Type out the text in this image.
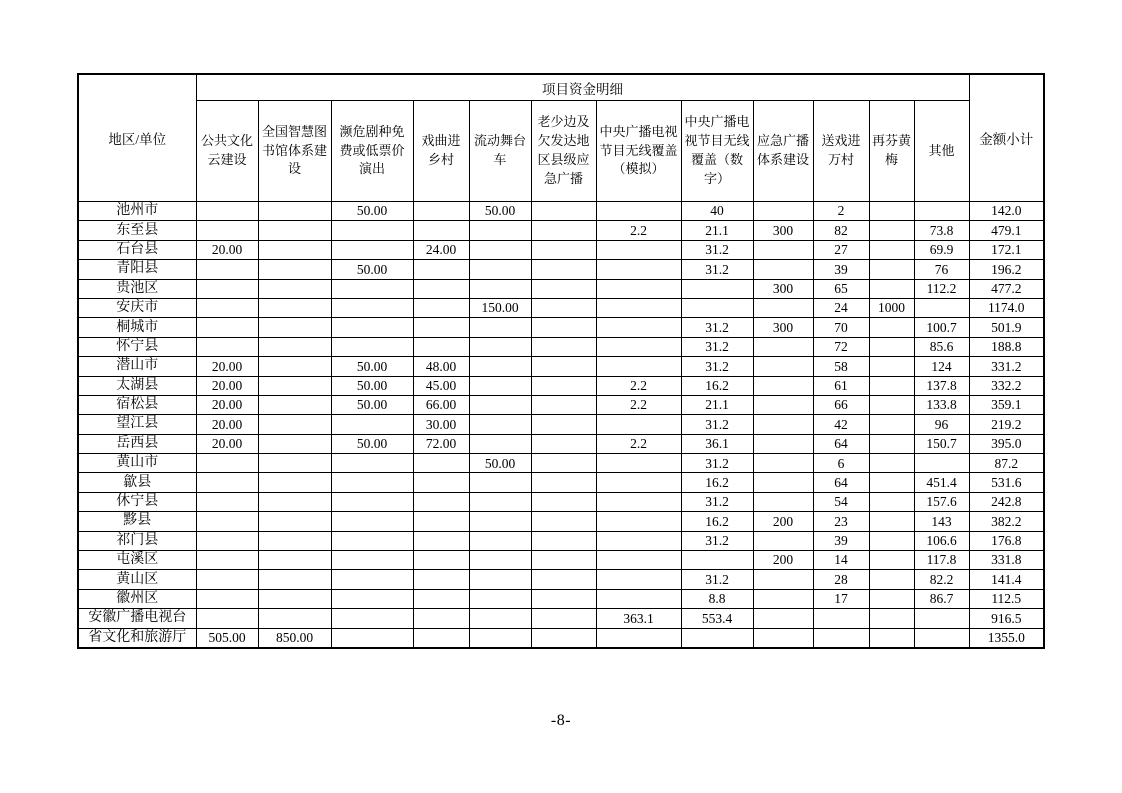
地区/单位	项目资金明细												金额小计
	公共文化云建设	全国智慧图书馆体系建设	濒危剧种免费或低票价演出	戏曲进乡村	流动舞台车	老少边及欠发达地区县级应急广播	中央广播电视节目无线覆盖（模拟）	中央广播电视节目无线覆盖（数字）	应急广播体系建设	送戏进万村	再芬黄梅	其他	
池州市			50.00		50.00			40		2			142.0
东至县							2.2	21.1	300	82		73.8	479.1
石台县	20.00			24.00				31.2		27		69.9	172.1
青阳县			50.00					31.2		39		76	196.2
贵池区									300	65		112.2	477.2
安庆市					150.00					24	1000		1174.0
桐城市								31.2	300	70		100.7	501.9
怀宁县								31.2		72		85.6	188.8
潜山市	20.00		50.00	48.00				31.2		58		124	331.2
太湖县	20.00		50.00	45.00			2.2	16.2		61		137.8	332.2
宿松县	20.00		50.00	66.00			2.2	21.1		66		133.8	359.1
望江县	20.00			30.00				31.2		42		96	219.2
岳西县	20.00		50.00	72.00			2.2	36.1		64		150.7	395.0
黄山市					50.00			31.2		6			87.2
歙县								16.2		64		451.4	531.6
休宁县								31.2		54		157.6	242.8
黟县								16.2	200	23		143	382.2
祁门县								31.2		39		106.6	176.8
屯溪区									200	14		117.8	331.8
黄山区								31.2		28		82.2	141.4
徽州区								8.8		17		86.7	112.5
安徽广播电视台							363.1	553.4					916.5
省文化和旅游厅	505.00	850.00											1355.0
-8-
